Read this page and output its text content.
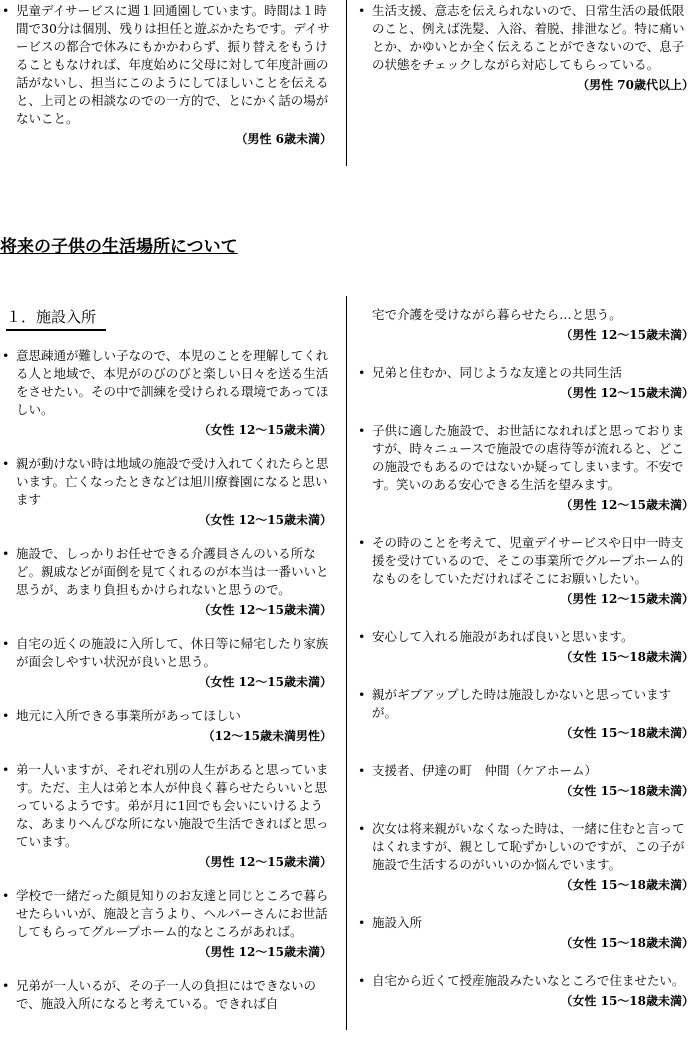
• 児童デイサービスに週１回通園しています。時間は１時間で30分は個別、残りは担任と遊ぶかたちです。デイサービスの都合で休みにもかかわらず、振り替えをもうけることもなければ、年度始めに父母に対して年度計画の話がないし、担当にこのようにしてほしいことを伝えると、上司との相談なのでの一方的で、とにかく話の場がないこと。
（男性 6歳未満）
• 生活支援、意志を伝えられないので、日常生活の最低限のこと、例えば洗髪、入浴、着脱、排泄など。特に痛いとか、かゆいとか全く伝えることができないので、息子の状態をチェックしながら対応してもらっている。
（男性 70歳代以上）
将来の子供の生活場所について
１．施設入所
• 意思疎通が難しい子なので、本児のことを理解してくれる人と地域で、本児がのびのびと楽しい日々を送る生活をさせたい。その中で訓練を受けられる環境であってほしい。
（女性 12～15歳未満）
• 親が動けない時は地域の施設で受け入れてくれたらと思います。亡くなったときなどは旭川療養園になると思います
（女性 12～15歳未満）
• 施設で、しっかりお任せできる介護員さんのいる所など。親戚などが面倒を見てくれるのが本当は一番いいと思うが、あまり負担もかけられないと思うので。
（女性 12～15歳未満）
• 自宅の近くの施設に入所して、休日等に帰宅したり家族が面会しやすい状況が良いと思う。
（女性 12～15歳未満）
• 地元に入所できる事業所があってほしい
（12～15歳未満男性）
• 弟一人いますが、それぞれ別の人生があると思っています。ただ、主人は弟と本人が仲良く暮らせたらいいと思っているようです。弟が月に1回でも会いにいけるような、あまりへんぴな所にない施設で生活できればと思っています。
（男性 12～15歳未満）
• 学校で一緒だった顔見知りのお友達と同じところで暮らせたらいいが、施設と言うより、ヘルパーさんにお世話してもらってグループホーム的なところがあれば。
（男性 12～15歳未満）
• 兄弟が一人いるが、その子一人の負担にはできないので、施設入所になると考えている。できれば自
宅で介護を受けながら暮らせたら…と思う。
（男性 12～15歳未満）
• 兄弟と住むか、同じような友達との共同生活
（男性 12～15歳未満）
• 子供に適した施設で、お世話になれればと思っておりますが、時々ニュースで施設での虐待等が流れると、どこの施設でもあるのではないか疑ってしまいます。不安です。笑いのある安心できる生活を望みます。
（男性 12～15歳未満）
• その時のことを考えて、児童デイサービスや日中一時支援を受けているので、そこの事業所でグループホーム的なものをしていただければそこにお願いしたい。
（男性 12～15歳未満）
• 安心して入れる施設があれば良いと思います。
（女性 15～18歳未満）
• 親がギブアップした時は施設しかないと思っていますが。
（女性 15～18歳未満）
• 支援者、伊達の町　仲間（ケアホーム）
（女性 15～18歳未満）
• 次女は将来親がいなくなった時は、一緒に住むと言ってはくれますが、親として恥ずかしいのですが、この子が施設で生活するのがいいのか悩んでいます。
（女性 15～18歳未満）
• 施設入所
（女性 15～18歳未満）
• 自宅から近くて授産施設みたいなところで住ませたい。
（女性 15～18歳未満）
